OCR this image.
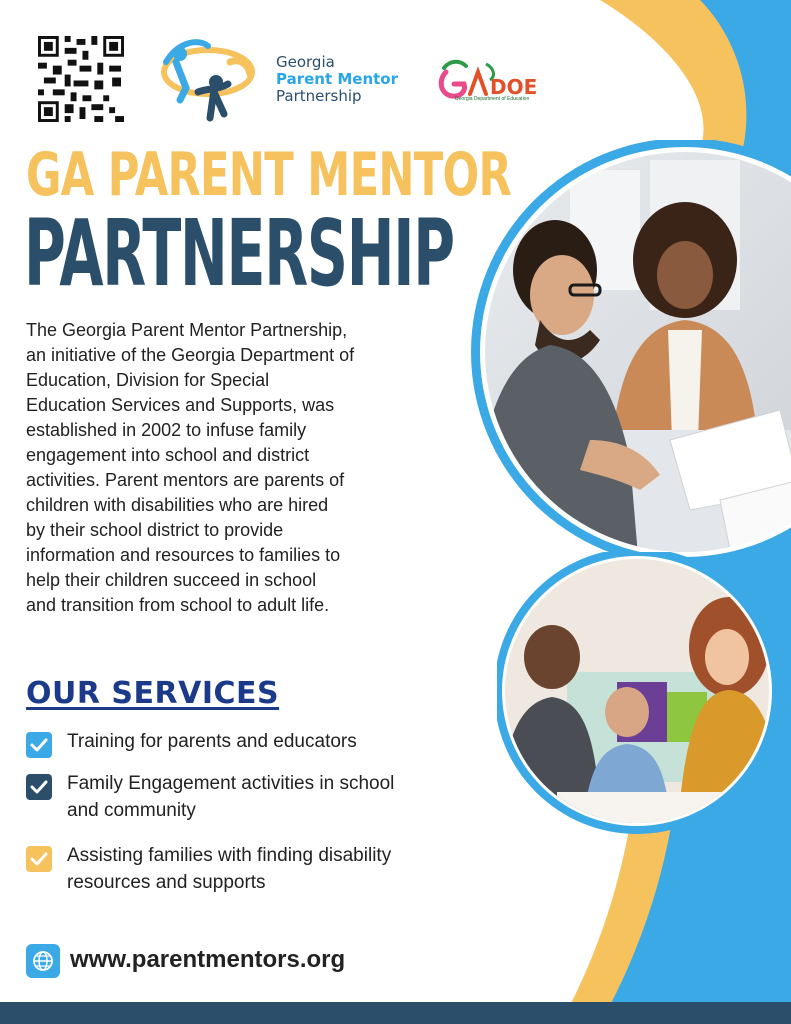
Georgia
Parent Mentor
Partnership	DOE
Georgia Department of Education
GA PARENT MENTOR
PARTNERSHIP

The Georgia Parent Mentor Partnership,
an initiative of the Georgia Department of
Education, Division for Special
Education Services and Supports, was
established in 2002 to infuse family
engagement into school and district
activities. Parent mentors are parents of
children with disabilities who are hired
by their school district to provide
information and resources to families to
help their children succeed in school
and transition from school to adult life.

OUR SERVICES
Training for parents and educators
Family Engagement activities in school
and community
Assisting families with finding disability
resources and supports
www.parentmentors.org
